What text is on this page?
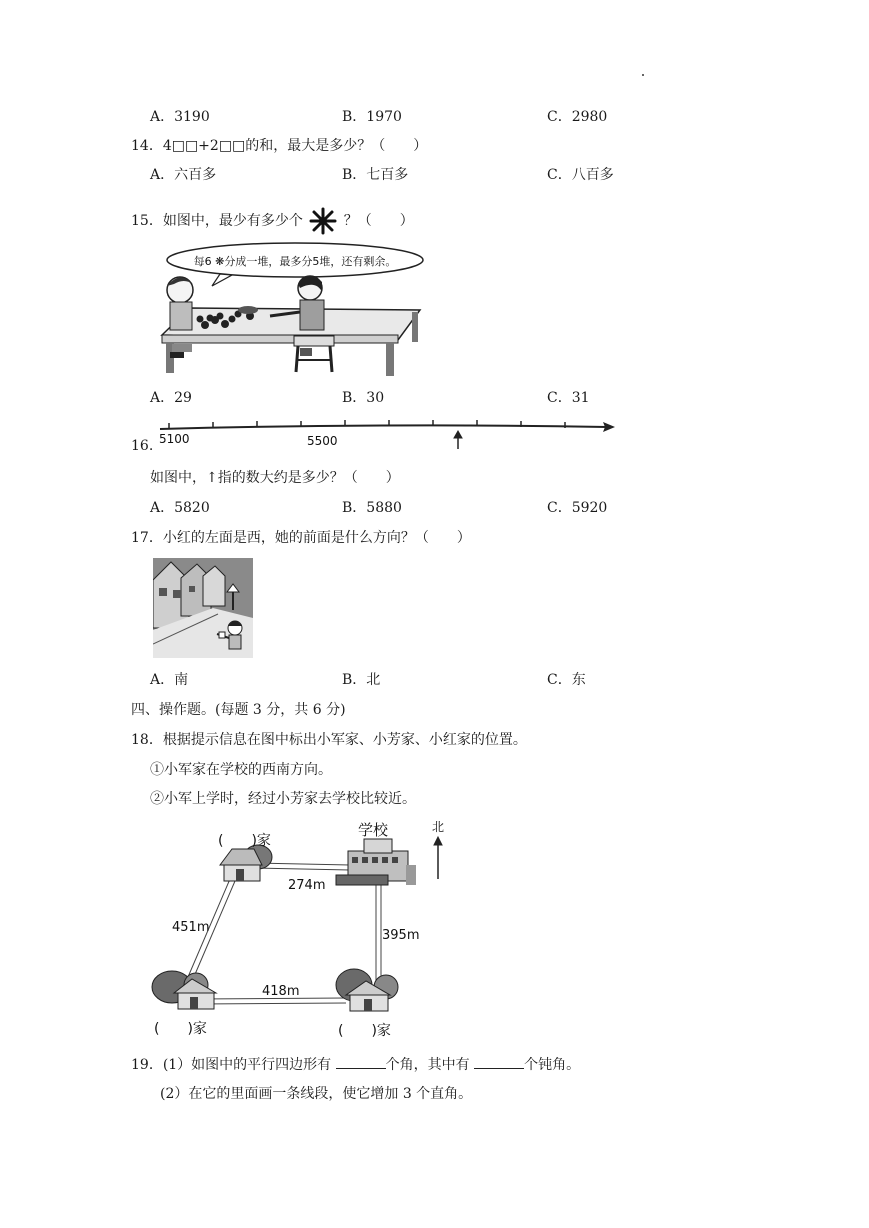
A．3190	B．1970	C．2980
14．4□□+2□□的和，最大是多少？（　　）
A．六百多	B．七百多	C．八百多
15．如图中，最少有多少个	？（　　）
每6 ❋分成一堆，最多分5堆，还有剩余。
A．29	B．30	C．31
16. 5100	5500
如图中，↑指的数大约是多少？（　　）
A．5820	B．5880	C．5920
17．小红的左面是西，她的前面是什么方向？（　　）
A．南	B．北	C．东
四、操作题。(每题 3 分，共 6 分)
18．根据提示信息在图中标出小军家、小芳家、小红家的位置。
①小军家在学校的西南方向。
②小军上学时，经过小芳家去学校比较近。
(　　)家
学校	北
274m
451m
395m
418m
(　　)家	(　　)家
19．(1）如图中的平行四边形有	个角，其中有	个钝角。
(2）在它的里面画一条线段，使它增加 3 个直角。
